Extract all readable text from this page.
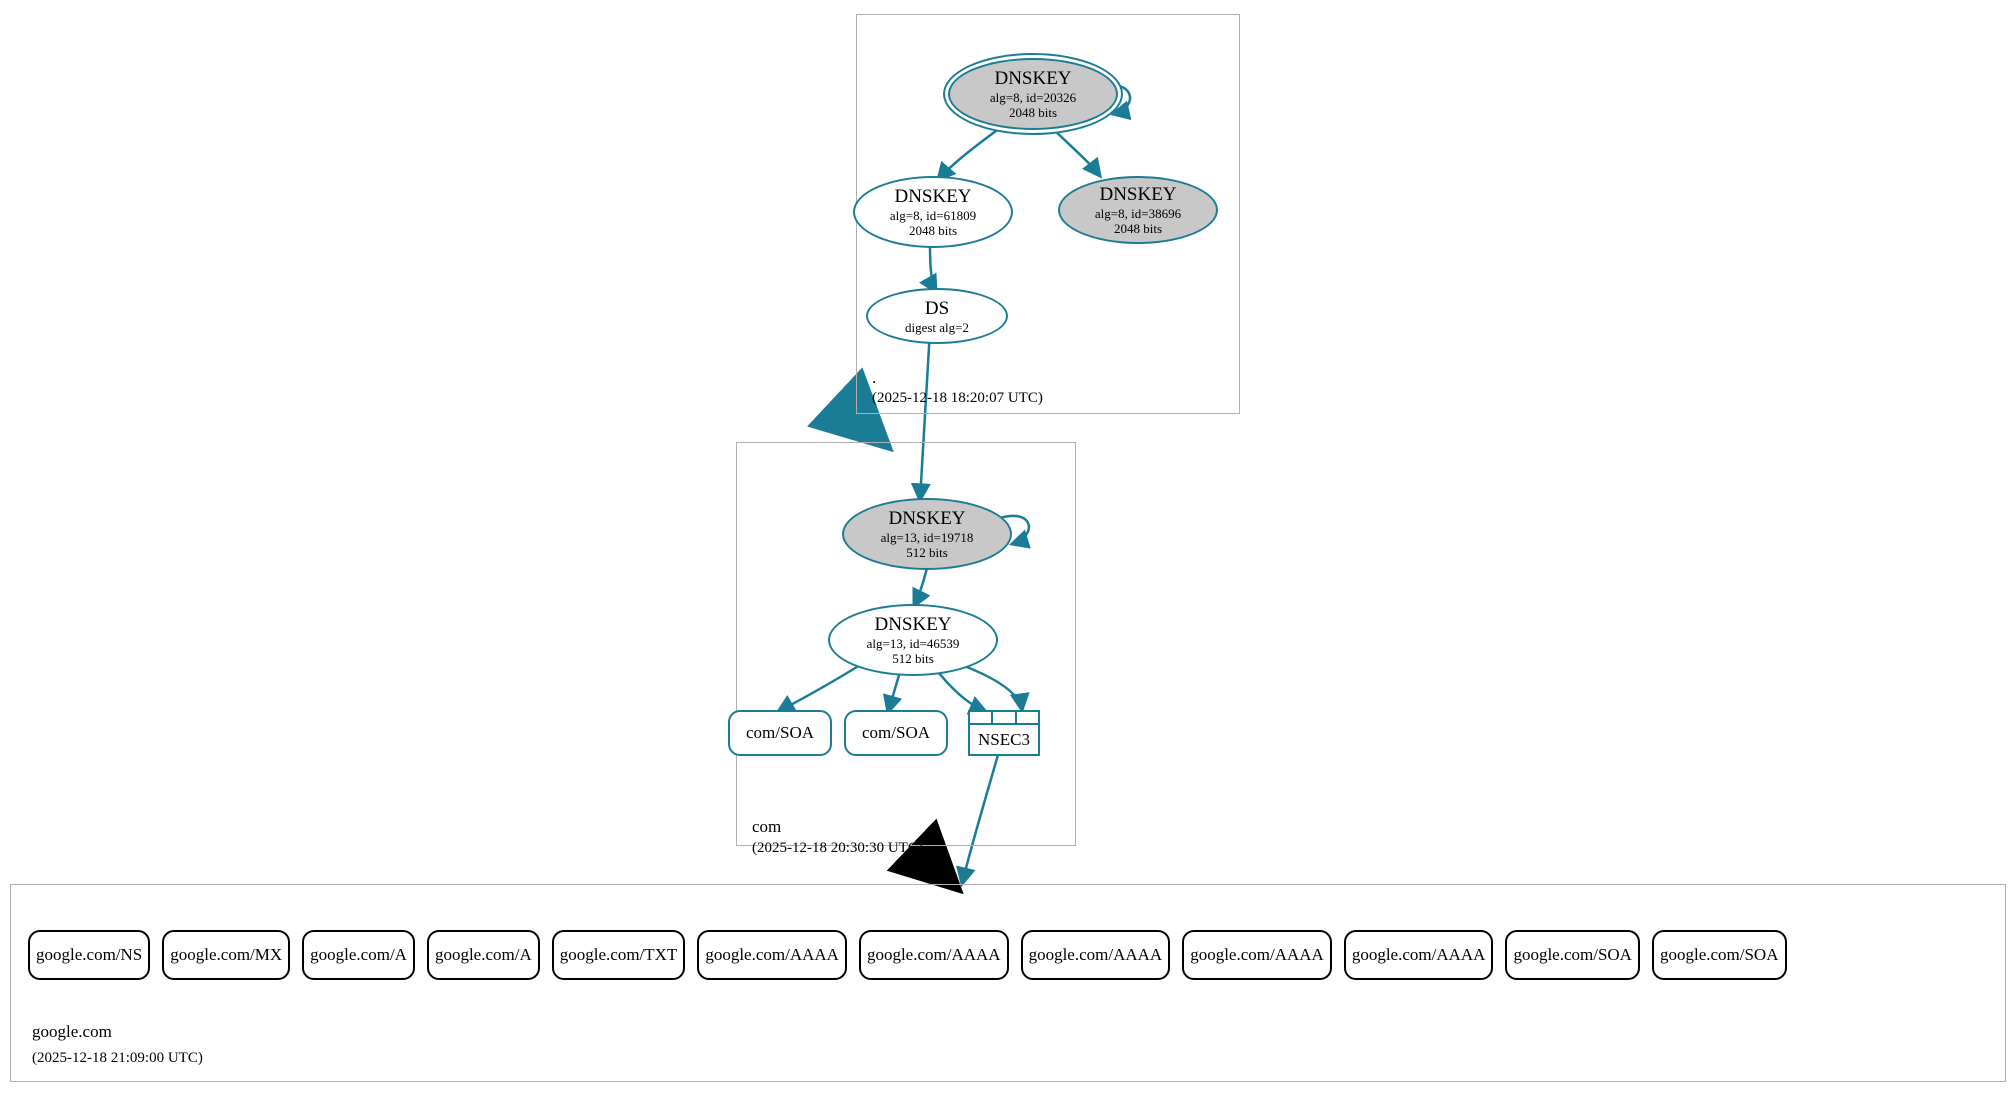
.
(2025-12-18 18:20:07 UTC)
DNSKEY
alg=8, id=20326
2048 bits
DNSKEY
alg=8, id=61809
2048 bits
DNSKEY
alg=8, id=38696
2048 bits
DS
digest alg=2
com
(2025-12-18 20:30:30 UTC)
DNSKEY
alg=13, id=19718
512 bits
DNSKEY
alg=13, id=46539
512 bits
com/SOA	com/SOA	NSEC3
google.com
(2025-12-18 21:09:00 UTC)
google.com/NS google.com/MX google.com/A google.com/A google.com/TXT google.com/AAAA google.com/AAAA google.com/AAAA google.com/AAAA google.com/AAAA google.com/SOA google.com/SOA
